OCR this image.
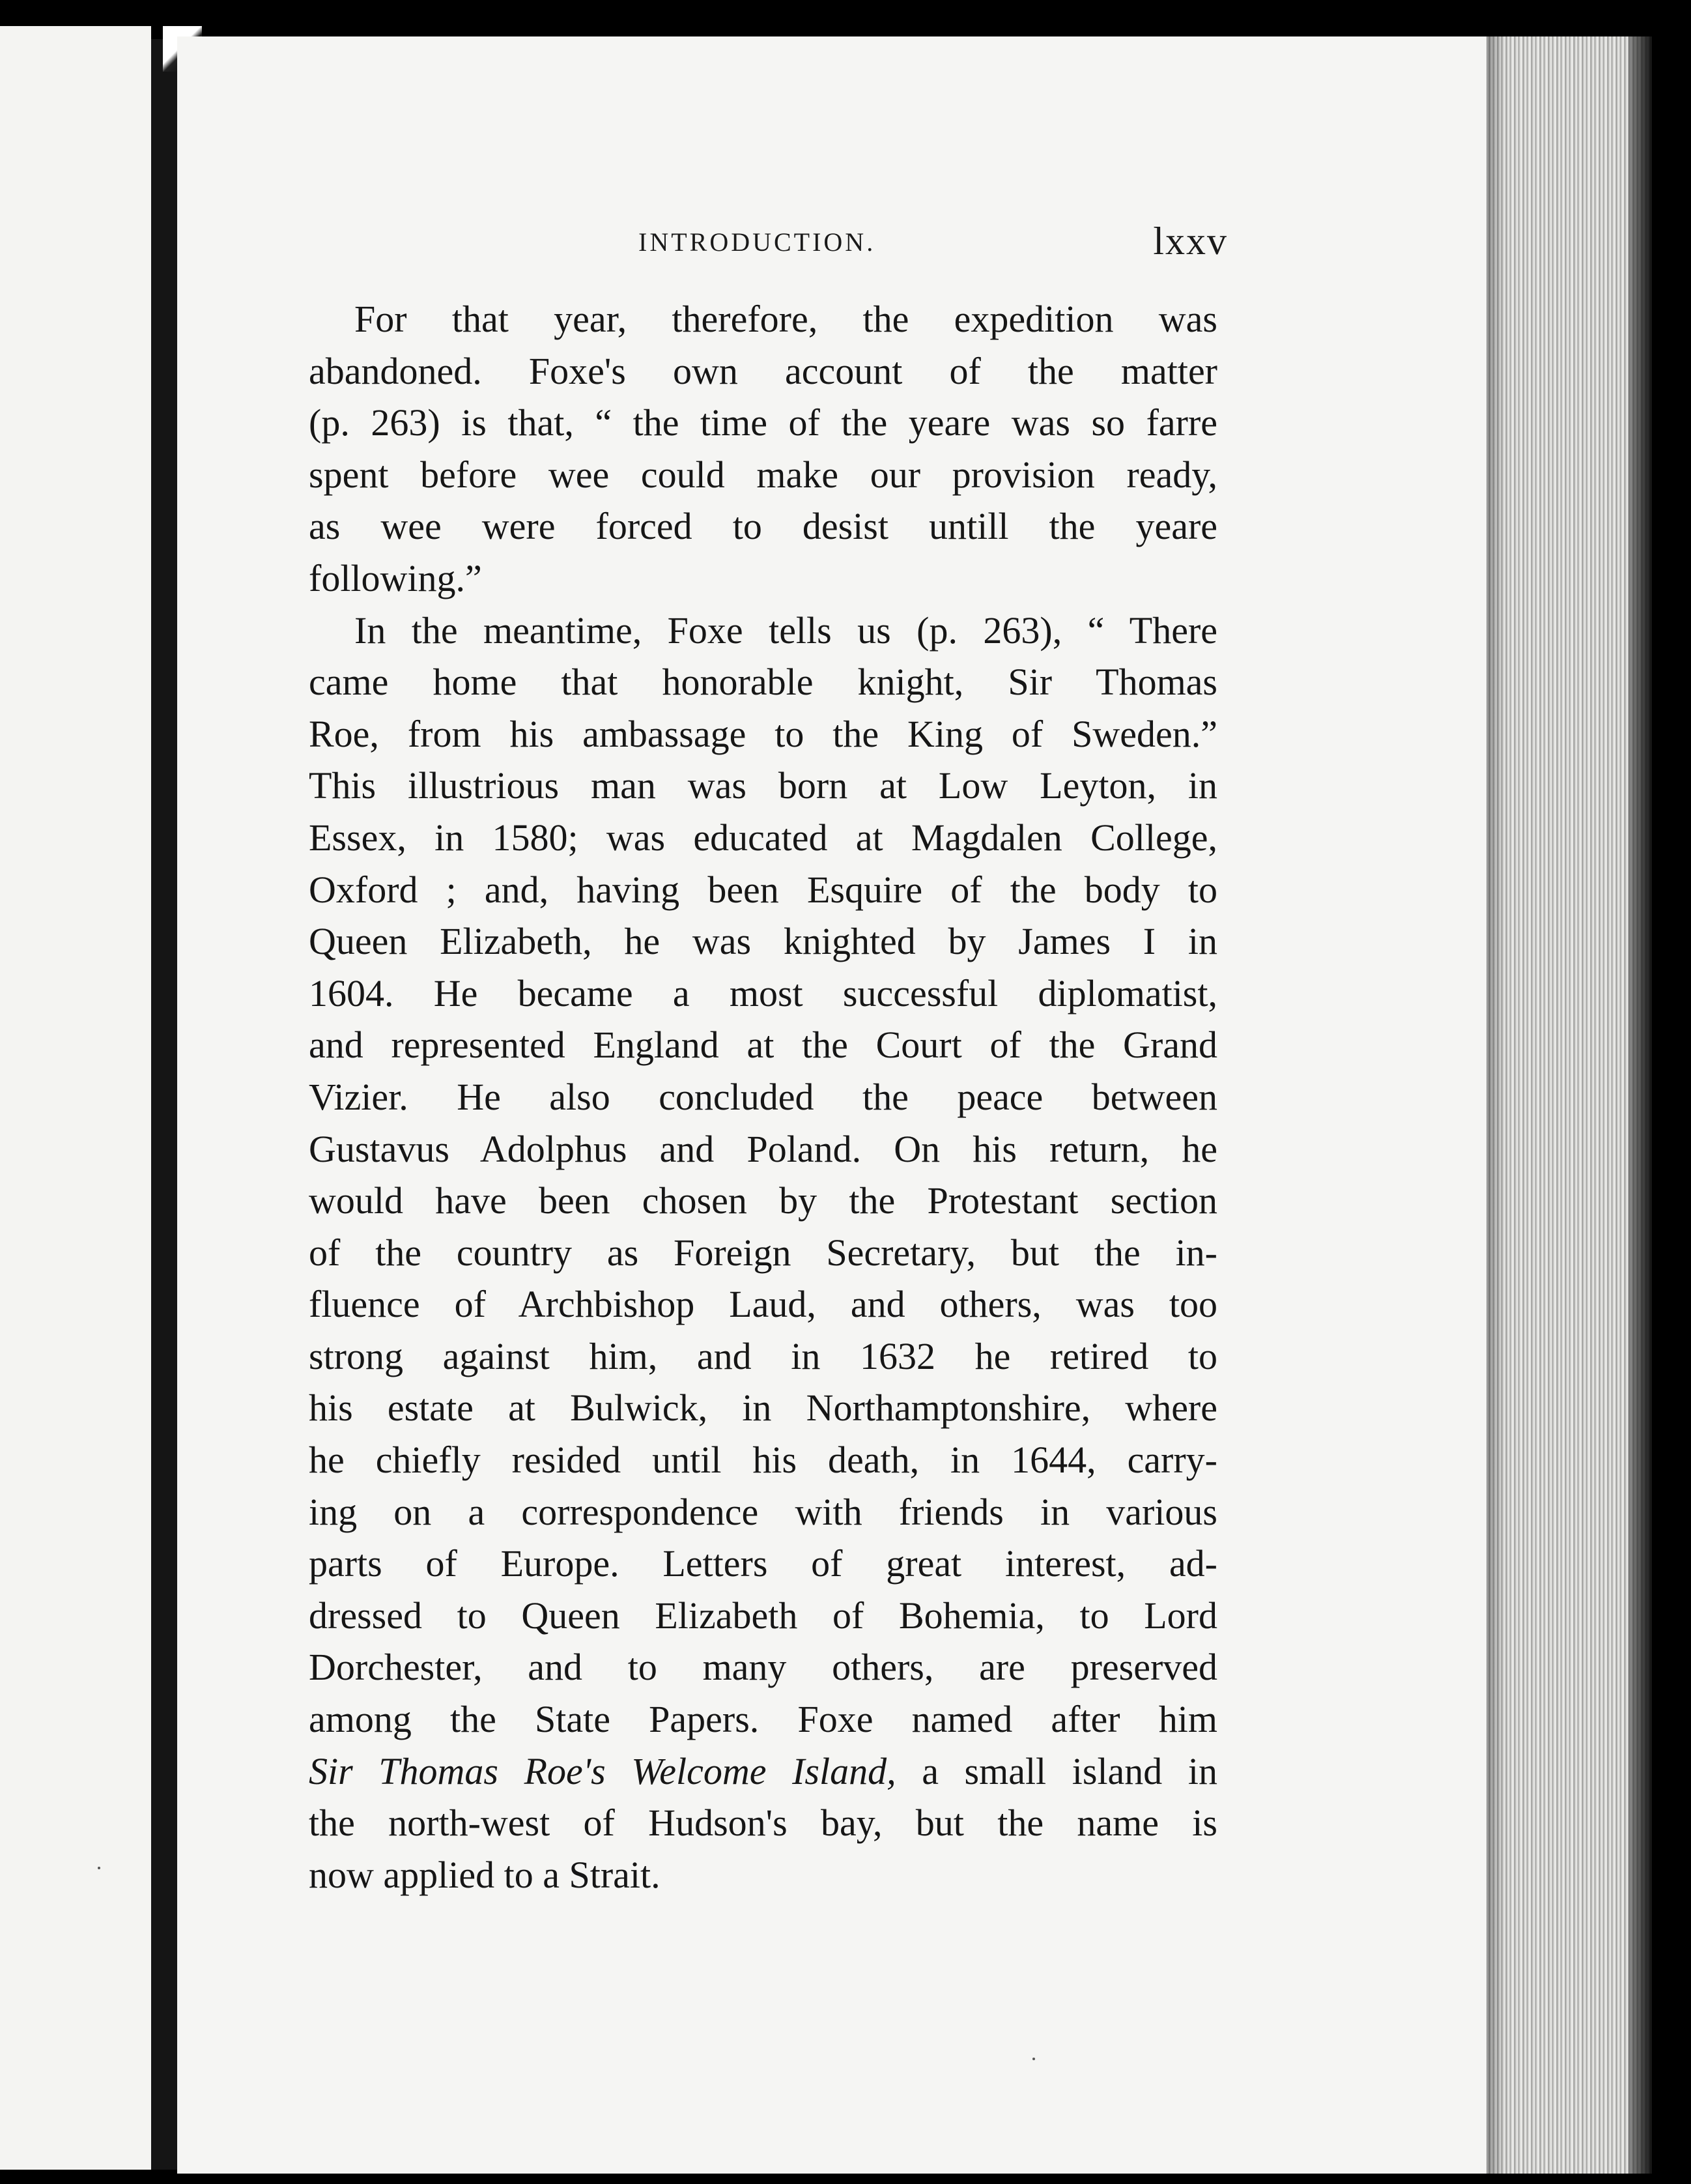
INTRODUCTION.	lxxv
For that year, therefore, the expedition was
abandoned. Foxe's own account of the matter
(p. 263) is that, “ the time of the yeare was so farre
spent before wee could make our provision ready,
as wee were forced to desist untill the yeare
following.”
In the meantime, Foxe tells us (p. 263), “ There
came home that honorable knight, Sir Thomas
Roe, from his ambassage to the King of Sweden.”
This illustrious man was born at Low Leyton, in
Essex, in 1580; was educated at Magdalen College,
Oxford ; and, having been Esquire of the body to
Queen Elizabeth, he was knighted by James I in
1604. He became a most successful diplomatist,
and represented England at the Court of the Grand
Vizier. He also concluded the peace between
Gustavus Adolphus and Poland. On his return, he
would have been chosen by the Protestant section
of the country as Foreign Secretary, but the in-
fluence of Archbishop Laud, and others, was too
strong against him, and in 1632 he retired to
his estate at Bulwick, in Northamptonshire, where
he chiefly resided until his death, in 1644, carry-
ing on a correspondence with friends in various
parts of Europe. Letters of great interest, ad-
dressed to Queen Elizabeth of Bohemia, to Lord
Dorchester, and to many others, are preserved
among the State Papers. Foxe named after him
Sir Thomas Roe's Welcome Island, a small island in
the north-west of Hudson's bay, but the name is
now applied to a Strait.
